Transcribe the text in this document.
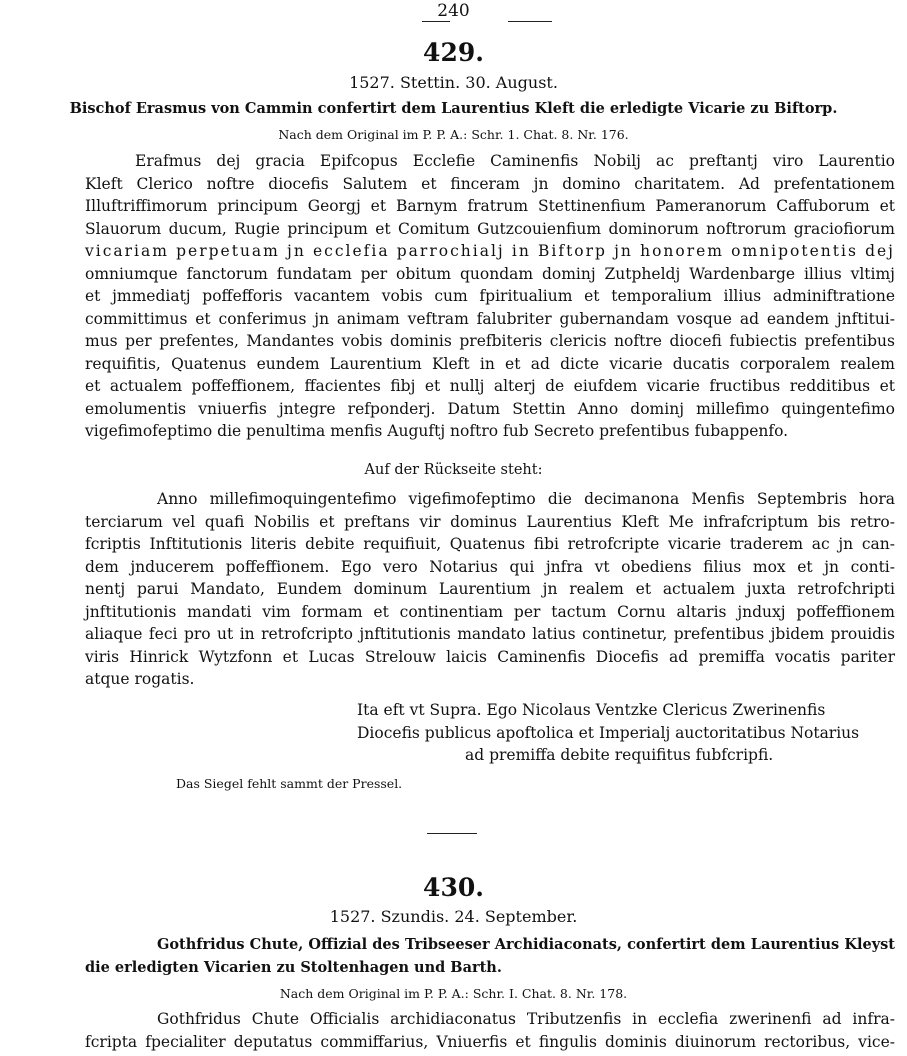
240
429.
1527. Stettin. 30. August.
Bischof Erasmus von Cammin confertirt dem Laurentius Kleft die erledigte Vicarie zu Biftorp.
Nach dem Original im P. P. A.: Schr. 1. Chat. 8. Nr. 176.
Erafmus dej gracia Epifcopus Ecclefie Caminenfis Nobilj ac preftantj viro Laurentio
Kleft Clerico noftre diocefis Salutem et finceram jn domino charitatem. Ad prefentationem
Illuftriffimorum principum Georgj et Barnym fratrum Stettinenfium Pameranorum Caffuborum et
Slauorum ducum, Rugie principum et Comitum Gutzcouienfium dominorum noftrorum graciofiorum
vicariam perpetuam jn ecclefia parrochialj in Biftorp jn honorem omnipotentis dej
omniumque fanctorum fundatam per obitum quondam dominj Zutpheldj Wardenbarge illius vltimj
et jmmediatj poffefforis vacantem vobis cum fpiritualium et temporalium illius adminiftratione
committimus et conferimus jn animam veftram falubriter gubernandam vosque ad eandem jnftitui-
mus per prefentes, Mandantes vobis dominis prefbiteris clericis noftre diocefi fubiectis prefentibus
requifitis, Quatenus eundem Laurentium Kleft in et ad dicte vicarie ducatis corporalem realem
et actualem poffeffionem, ffacientes fibj et nullj alterj de eiufdem vicarie fructibus redditibus et
emolumentis vniuerfis jntegre refponderj. Datum Stettin Anno dominj millefimo quingentefimo
vigefimofeptimo die penultima menfis Auguftj noftro fub Secreto prefentibus fubappenfo.
Auf der Rückseite steht:
Anno millefimoquingentefimo vigefimofeptimo die decimanona Menfis Septembris hora
terciarum vel quafi Nobilis et preftans vir dominus Laurentius Kleft Me infrafcriptum bis retro-
fcriptis Inftitutionis literis debite requifiuit, Quatenus fibi retrofcripte vicarie traderem ac jn can-
dem jnducerem poffeffionem. Ego vero Notarius qui jnfra vt obediens filius mox et jn conti-
nentj parui Mandato, Eundem dominum Laurentium jn realem et actualem juxta retrofchripti
jnftitutionis mandati vim formam et continentiam per tactum Cornu altaris jnduxj poffeffionem
aliaque feci pro ut in retrofcripto jnftitutionis mandato latius continetur, prefentibus jbidem prouidis
viris Hinrick Wytzfonn et Lucas Strelouw laicis Caminenfis Diocefis ad premiffa vocatis pariter
atque rogatis.
Ita eft vt Supra. Ego Nicolaus Ventzke Clericus Zwerinenfis
Diocefis publicus apoftolica et Imperialj auctoritatibus Notarius
ad premiffa debite requifitus fubfcripfi.
Das Siegel fehlt sammt der Pressel.
430.
1527. Szundis. 24. September.
Gothfridus Chute, Offizial des Tribseeser Archidiaconats, confertirt dem Laurentius Kleyst
die erledigten Vicarien zu Stoltenhagen und Barth.
Nach dem Original im P. P. A.: Schr. I. Chat. 8. Nr. 178.
Gothfridus Chute Officialis archidiaconatus Tributzenfis in ecclefia zwerinenfi ad infra-
fcripta fpecialiter deputatus commiffarius, Vniuerfis et fingulis dominis diuinorum rectoribus, vice-
